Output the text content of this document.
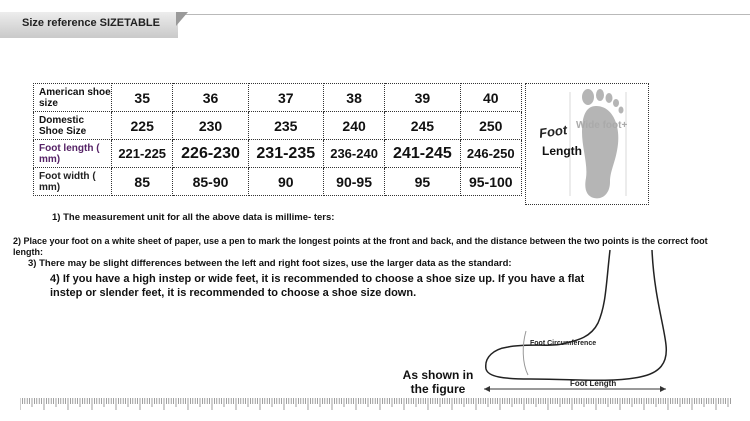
Size reference SIZETABLE
American shoe size	35	36	37	38	39	40
Domestic Shoe Size	225	230	235	240	245	250
Foot length ( mm)	221-225	226-230	231-235	236-240	241-245	246-250
Foot width ( mm)	85	85-90	90	90-95	95	95-100
Wide foot+
Foot
Length
1) The measurement unit for all the above data is millime- ters:
2) Place your foot on a white sheet of paper, use a pen to mark the longest points at the front and back, and the distance between the two points is the correct foot length:
3) There may be slight differences between the left and right foot sizes, use the larger data as the standard:
4) If you have a high instep or wide feet, it is recommended to choose a shoe size up. If you have a flat instep or slender feet, it is recommended to choose a shoe size down.
Foot Circumference
Foot Length
As shown in the figure
